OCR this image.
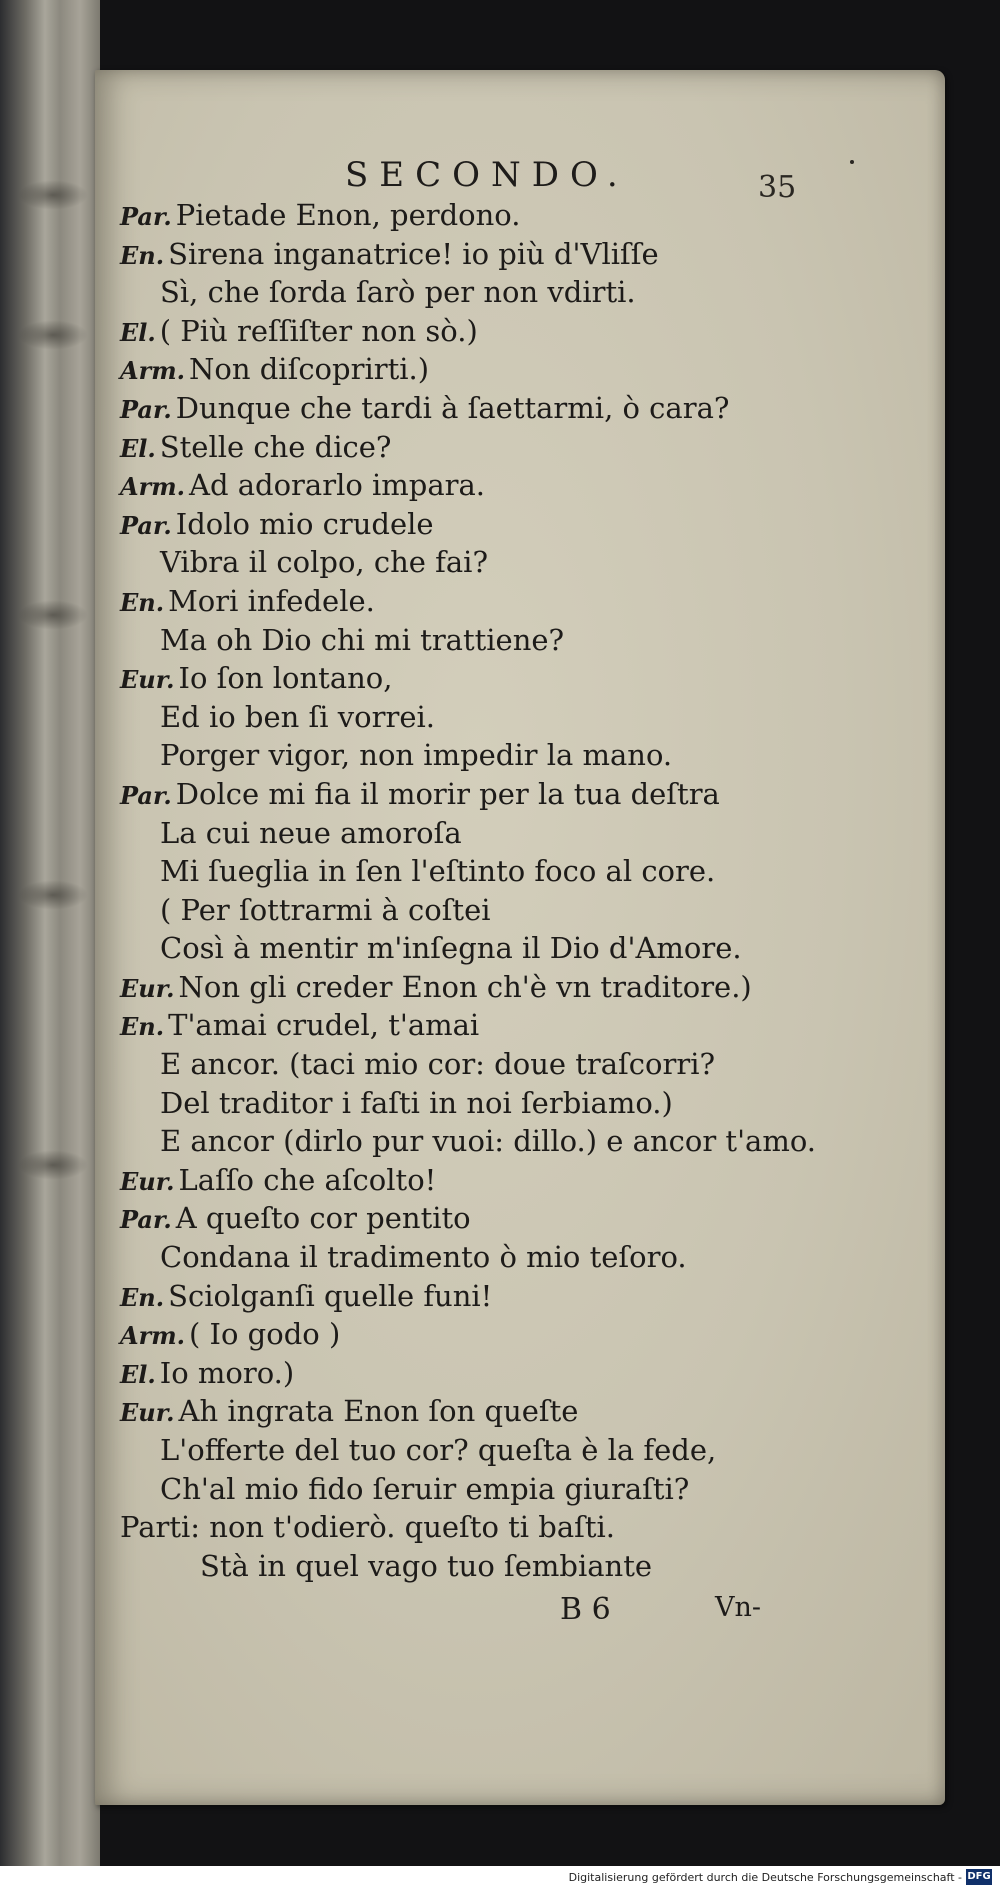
SECONDO.	35
Par. Pietade Enon, perdono.
En. Sirena inganatrice! io più d'Vliſſe
Sì, che ſorda ſarò per non vdirti.
El. ( Più reſſiſter non sò.)
Arm. Non diſcoprirti.)
Par. Dunque che tardi à ſaettarmi, ò cara?
El. Stelle che dice?
Arm. Ad adorarlo impara.
Par. Idolo mio crudele
Vibra il colpo, che fai?
En. Mori infedele.
Ma oh Dio chi mi trattiene?
Eur. Io ſon lontano,
Ed io ben ſi vorrei.
Porger vigor, non impedir la mano.
Par. Dolce mi fia il morir per la tua deſtra
La cui neue amoroſa
Mi ſueglia in ſen l'eſtinto foco al core.
( Per ſottrarmi à coſtei
Così à mentir m'inſegna il Dio d'Amore.
Eur. Non gli creder Enon ch'è vn traditore.)
En. T'amai crudel, t'amai
E ancor. (taci mio cor: doue traſcorri?
Del traditor i faſti in noi ſerbiamo.)
E ancor (dirlo pur vuoi: dillo.) e ancor t'amo.
Eur. Laſſo che aſcolto!
Par. A queſto cor pentito
Condana il tradimento ò mio teſoro.
En. Sciolganſi quelle funi!
Arm. ( Io godo )
El. Io moro.)
Eur. Ah ingrata Enon ſon queſte
L'offerte del tuo cor? queſta è la fede,
Ch'al mio fido ſeruir empia giuraſti?
Parti: non t'odierò. queſto ti baſti.
Stà in quel vago tuo ſembiante
B 6	Vn-
Digitalisierung gefördert durch die Deutsche Forschungsgemeinschaft - DFG
